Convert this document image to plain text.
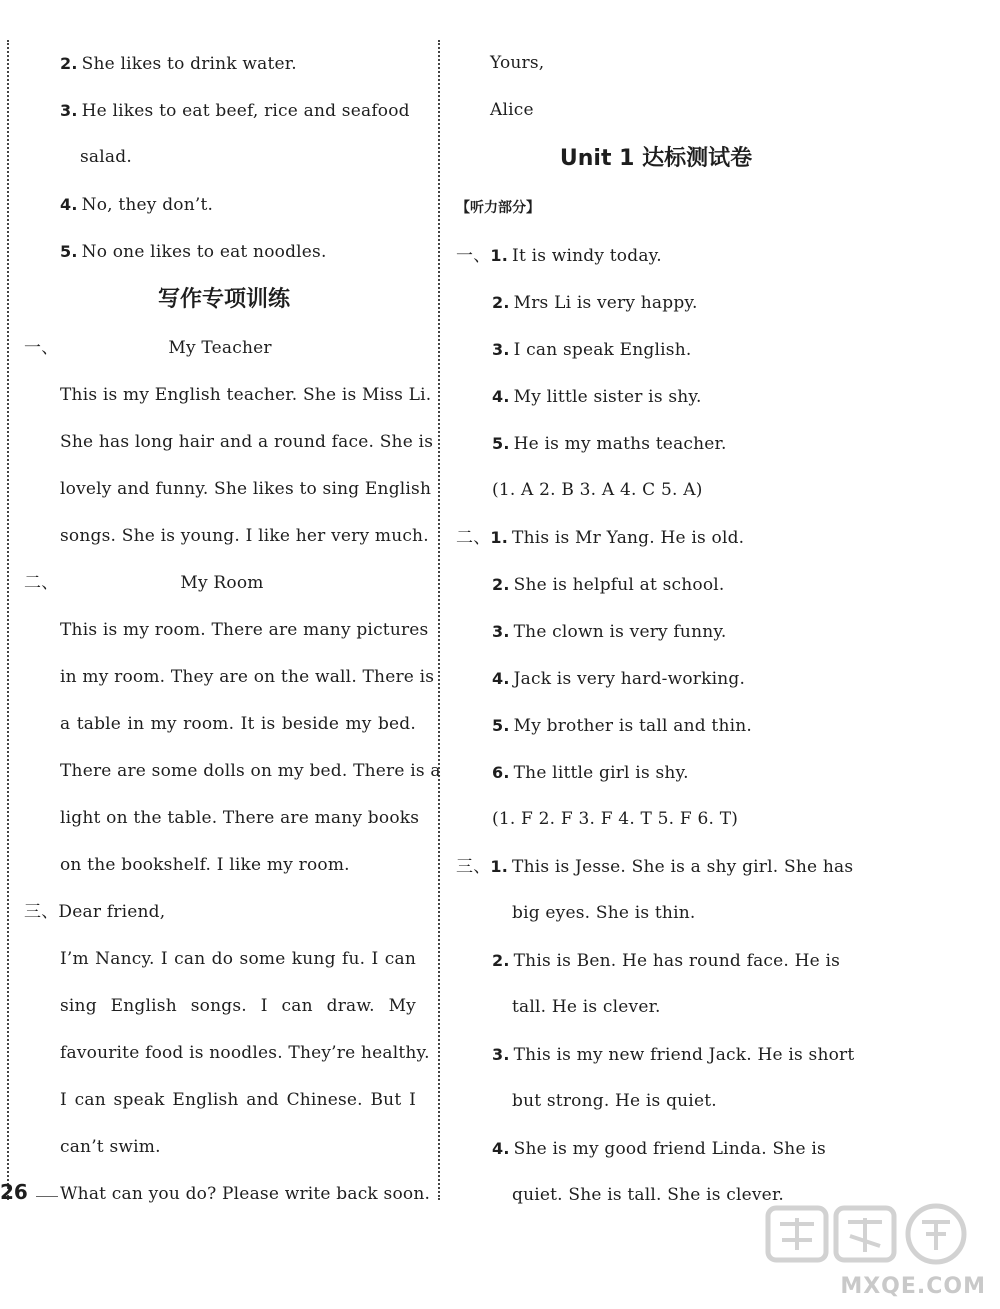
2. She likes to drink water.
3. He likes to eat beef, rice and seafood
salad.
4. No, they don’t.
5. No one likes to eat noodles.
写作专项训练
一、	My Teacher
This is my English teacher. She is Miss Li.
She has long hair and a round face. She is
lovely and funny. She likes to sing English
songs. She is young. I like her very much.
二、	My Room
This is my room. There are many pictures
in my room. They are on the wall. There is
a table in my room. It is beside my bed.
There are some dolls on my bed. There is a
light on the table. There are many books
on the bookshelf. I like my room.
三、Dear friend,
I’m Nancy. I can do some kung fu. I can
sing English songs. I can draw. My
favourite food is noodles. They’re healthy.
I can speak English and Chinese. But I
can’t swim.
What can you do? Please write back soon.
Yours,
Alice
Unit 1 达标测试卷
【听力部分】
一、1. It is windy today.
2. Mrs Li is very happy.
3. I can speak English.
4. My little sister is shy.
5. He is my maths teacher.
(1. A 2. B 3. A 4. C 5. A)
二、1. This is Mr Yang. He is old.
2. She is helpful at school.
3. The clown is very funny.
4. Jack is very hard-working.
5. My brother is tall and thin.
6. The little girl is shy.
(1. F 2. F 3. F 4. T 5. F 6. T)
三、1. This is Jesse. She is a shy girl. She has
big eyes. She is thin.
2. This is Ben. He has round face. He is
tall. He is clever.
3. This is my new friend Jack. He is short
but strong. He is quiet.
4. She is my good friend Linda. She is
quiet. She is tall. She is clever.
26
MXQE.COM
